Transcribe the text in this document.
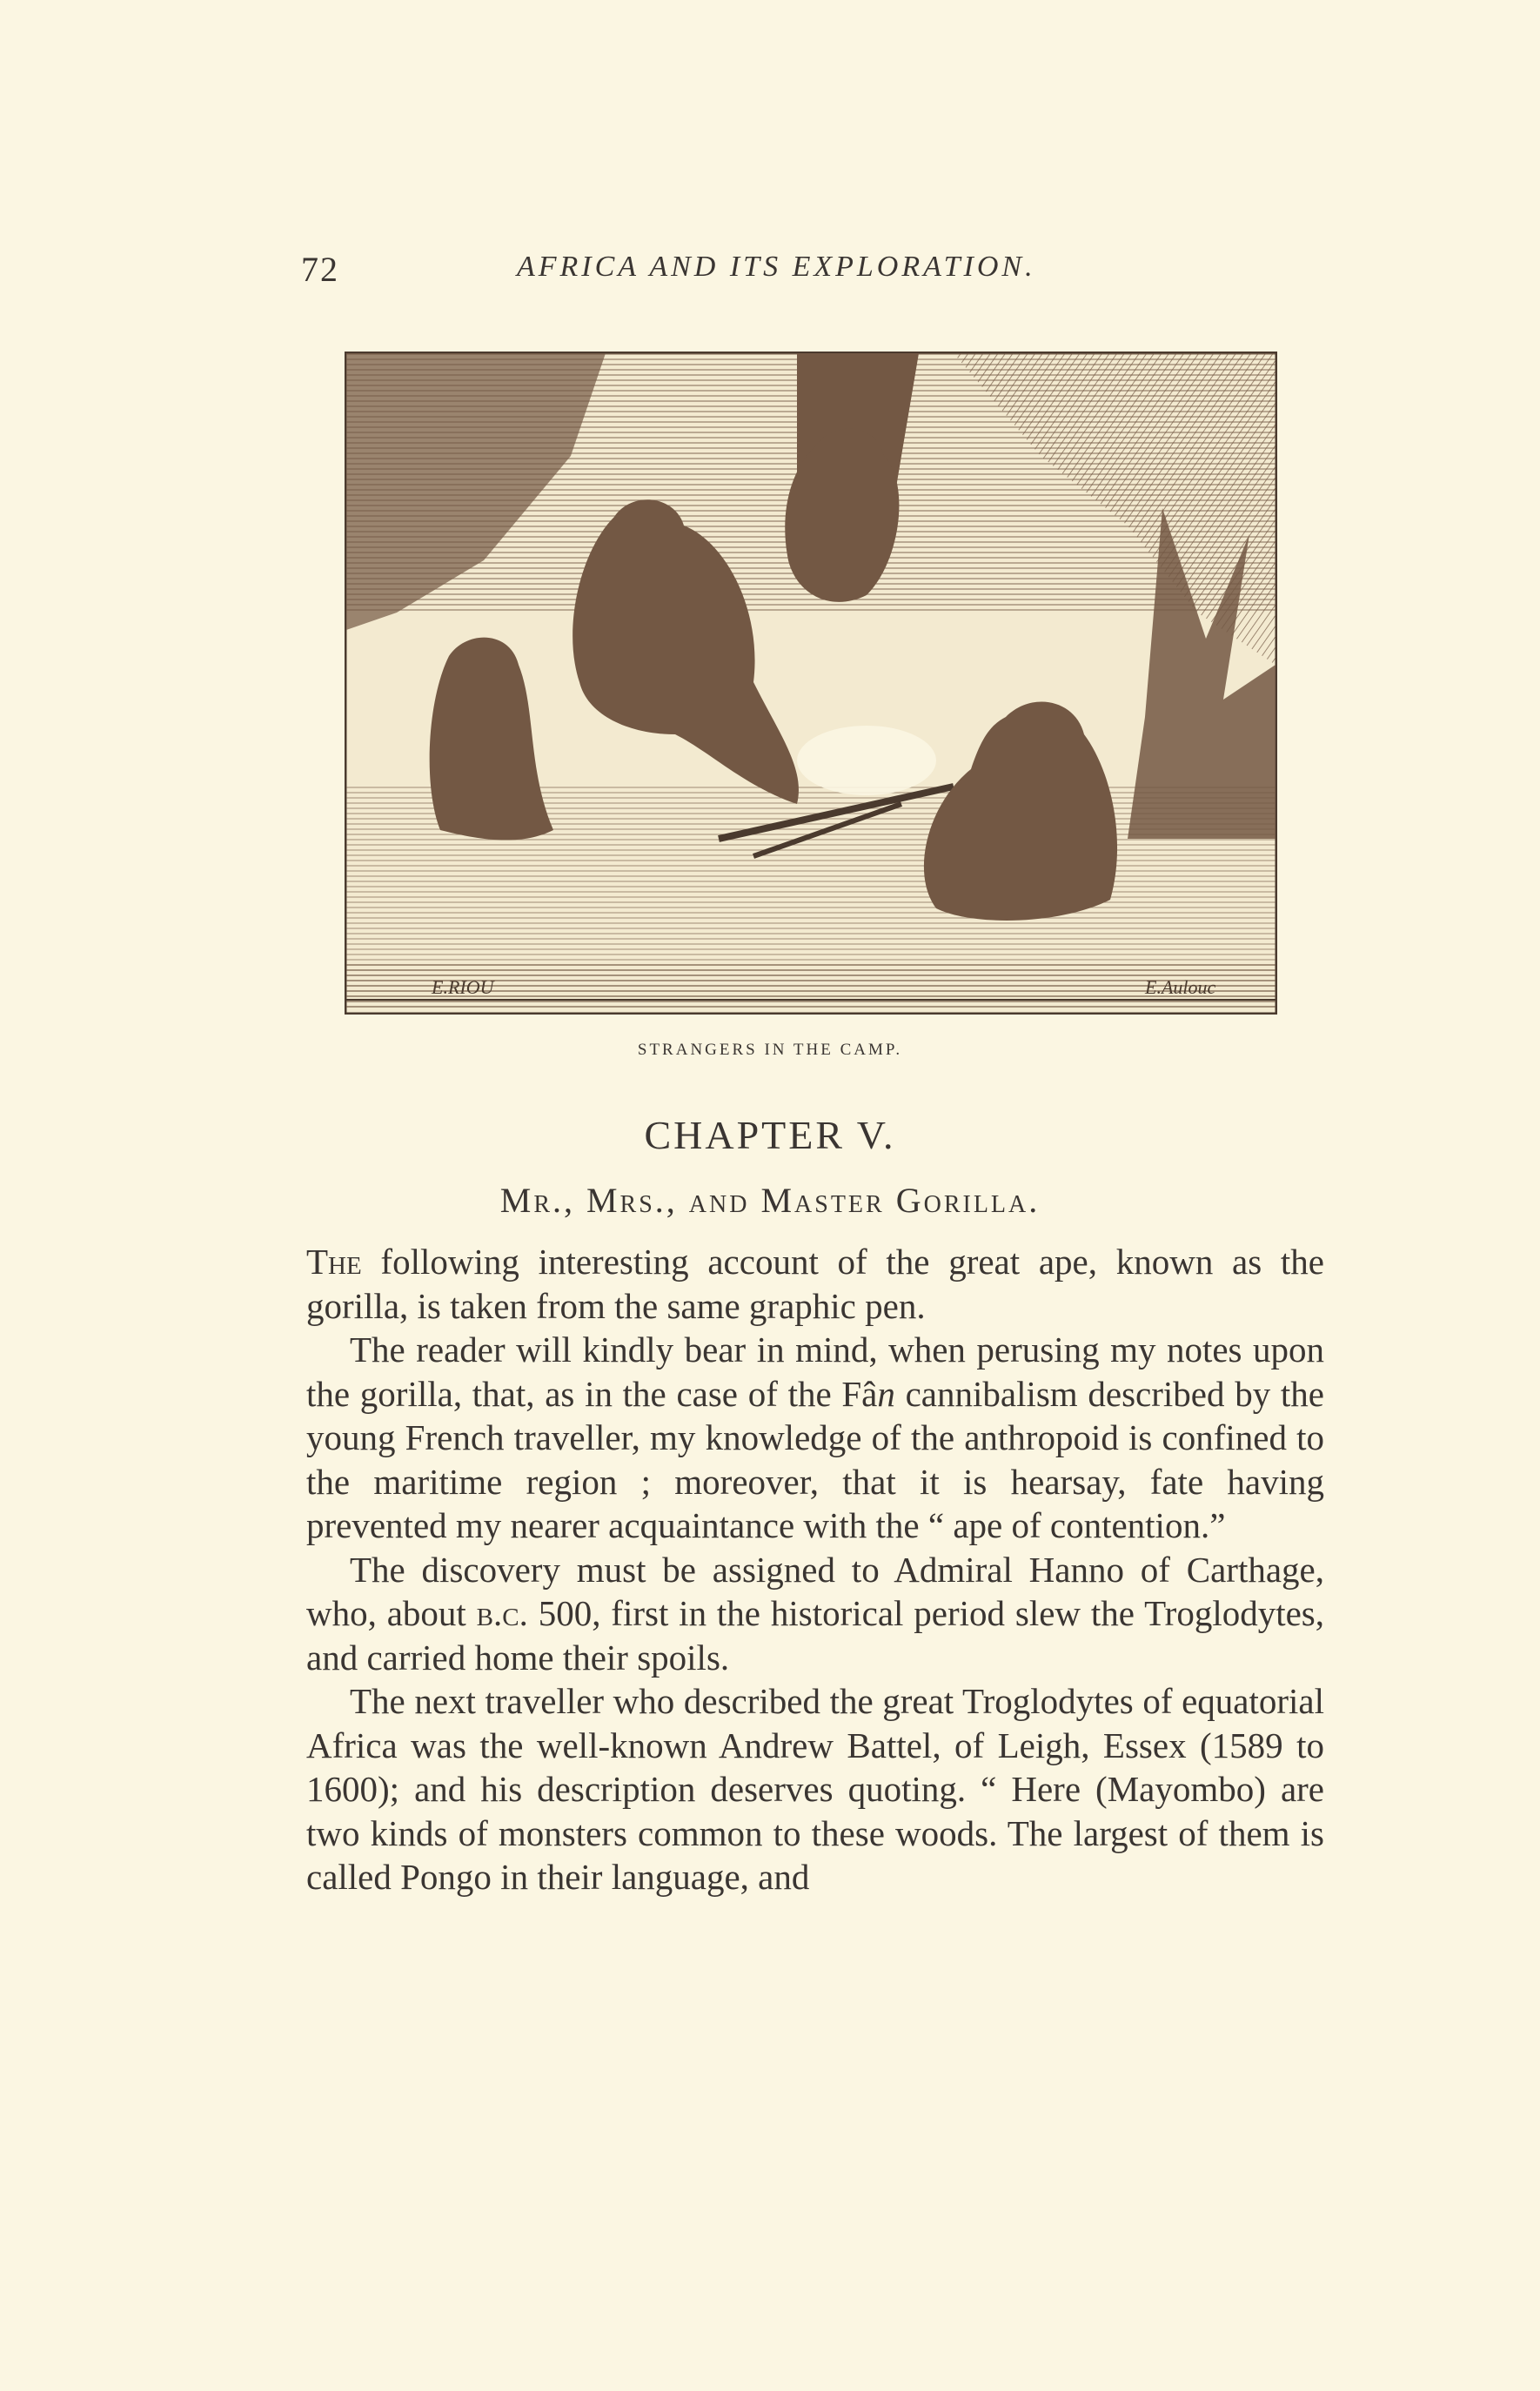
72	AFRICA AND ITS EXPLORATION.
E.RIOU	E.Aulouc
STRANGERS IN THE CAMP.
CHAPTER V.
Mr., Mrs., and Master Gorilla.

The following interesting account of the great ape, known as the gorilla, is taken from the same graphic pen.

The reader will kindly bear in mind, when perusing my notes upon the gorilla, that, as in the case of the Fân cannibalism described by the young French traveller, my knowledge of the anthropoid is confined to the maritime region ; moreover, that it is hearsay, fate having prevented my nearer acquaintance with the “ ape of contention.”

The discovery must be assigned to Admiral Hanno of Carthage, who, about b.c. 500, first in the historical period slew the Troglodytes, and carried home their spoils.

The next traveller who described the great Troglodytes of equatorial Africa was the well-known Andrew Battel, of Leigh, Essex (1589 to 1600); and his description deserves quoting. “ Here (Mayombo) are two kinds of monsters common to these woods. The largest of them is called Pongo in their language, and
